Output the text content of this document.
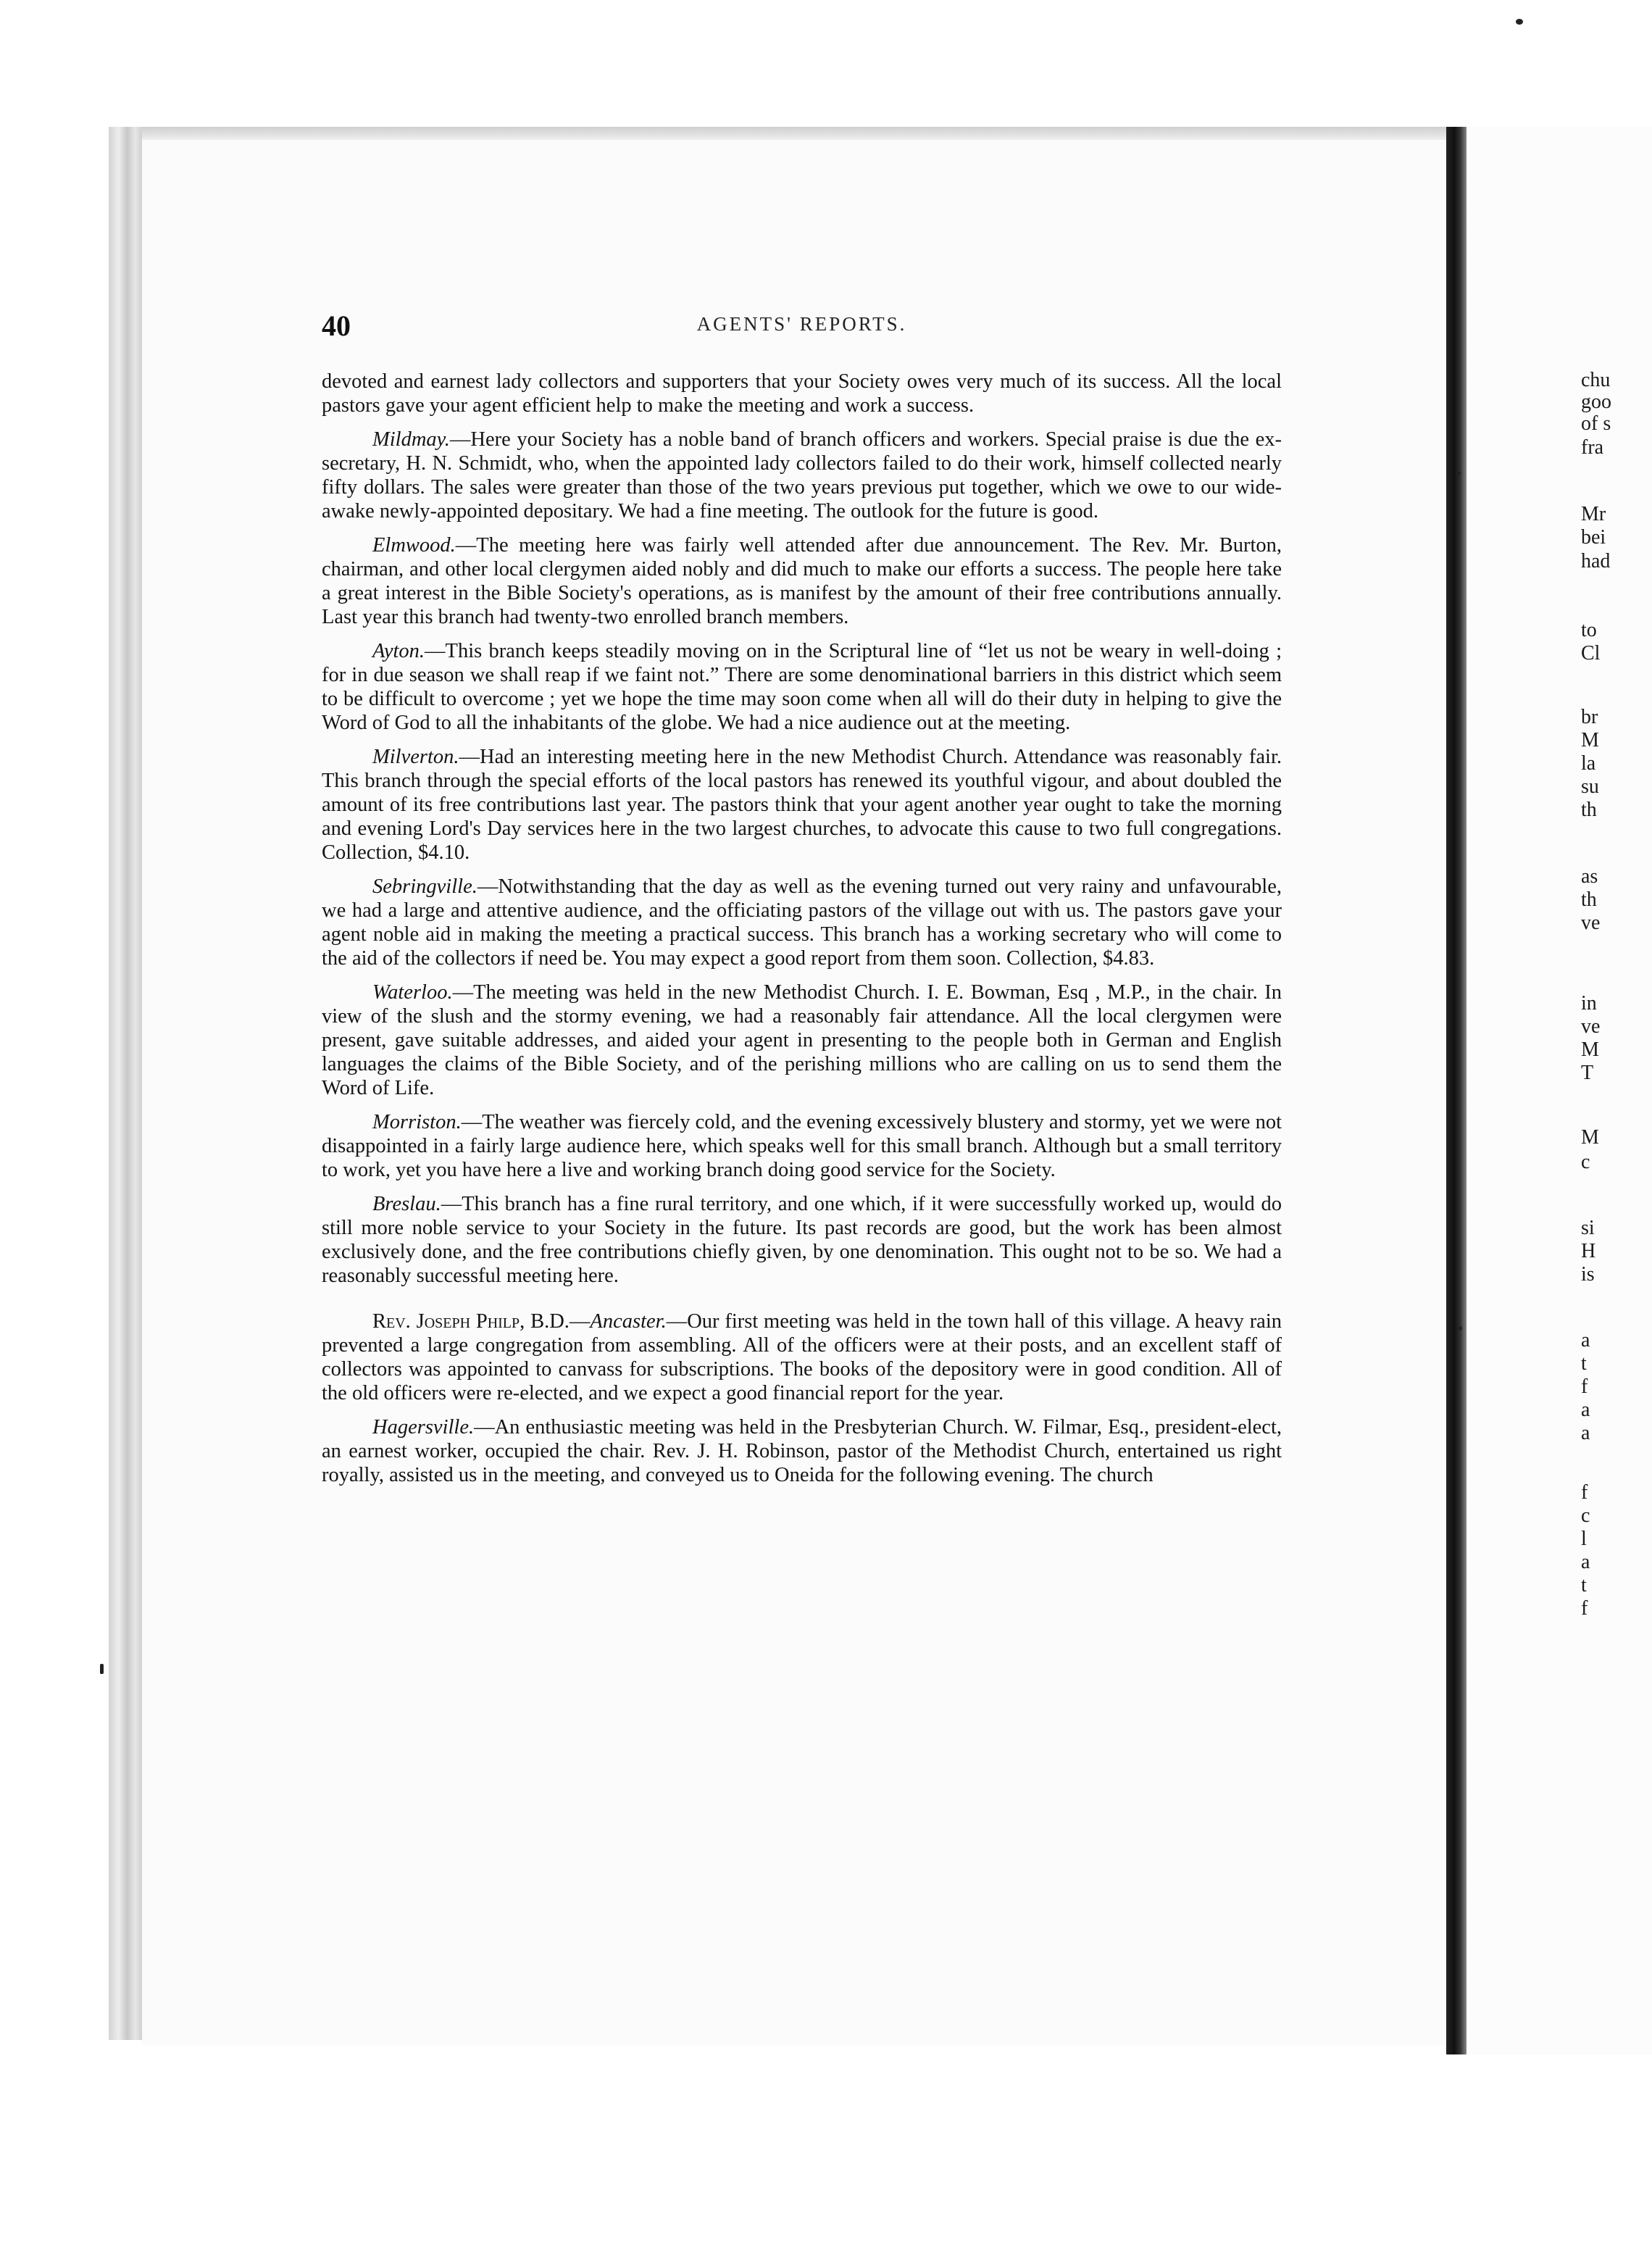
chu
goo
of s
fra
Mr
bei
had
to
Cl
br
M
la
su
th
as
th
ve
in
ve
M
T
M
c
si
H
is
a
t
f
a
a
f
c
l
a
t
f
40	AGENTS' REPORTS.

devoted and earnest lady collectors and supporters that your Society owes very much of its success. All the local pastors gave your agent efficient help to make the meeting and work a success.

Mildmay.—Here your Society has a noble band of branch officers and workers. Special praise is due the ex-secretary, H. N. Schmidt, who, when the appointed lady collectors failed to do their work, himself collected nearly fifty dollars. The sales were greater than those of the two years previous put together, which we owe to our wide-awake newly-appointed depositary. We had a fine meeting. The outlook for the future is good.

Elmwood.—The meeting here was fairly well attended after due announcement. The Rev. Mr. Burton, chairman, and other local clergymen aided nobly and did much to make our efforts a success. The people here take a great interest in the Bible Society's operations, as is manifest by the amount of their free contributions annually. Last year this branch had twenty-two enrolled branch members.

Ayton.—This branch keeps steadily moving on in the Scriptural line of “let us not be weary in well-doing ; for in due season we shall reap if we faint not.” There are some denominational barriers in this district which seem to be difficult to overcome ; yet we hope the time may soon come when all will do their duty in helping to give the Word of God to all the inhabitants of the globe. We had a nice audience out at the meeting.

Milverton.—Had an interesting meeting here in the new Methodist Church. Attendance was reasonably fair. This branch through the special efforts of the local pastors has renewed its youthful vigour, and about doubled the amount of its free contributions last year. The pastors think that your agent another year ought to take the morning and evening Lord's Day services here in the two largest churches, to advocate this cause to two full congregations. Collection, $4.10.

Sebringville.—Notwithstanding that the day as well as the evening turned out very rainy and unfavourable, we had a large and attentive audience, and the officiating pastors of the village out with us. The pastors gave your agent noble aid in making the meeting a practical success. This branch has a working secretary who will come to the aid of the collectors if need be. You may expect a good report from them soon. Collection, $4.83.

Waterloo.—The meeting was held in the new Methodist Church. I. E. Bowman, Esq , M.P., in the chair. In view of the slush and the stormy evening, we had a reasonably fair attendance. All the local clergymen were present, gave suitable addresses, and aided your agent in presenting to the people both in German and English languages the claims of the Bible Society, and of the perishing millions who are calling on us to send them the Word of Life.

Morriston.—The weather was fiercely cold, and the evening excessively blustery and stormy, yet we were not disappointed in a fairly large audience here, which speaks well for this small branch. Although but a small territory to work, yet you have here a live and working branch doing good service for the Society.

Breslau.—This branch has a fine rural territory, and one which, if it were successfully worked up, would do still more noble service to your Society in the future. Its past records are good, but the work has been almost exclusively done, and the free contributions chiefly given, by one denomination. This ought not to be so. We had a reasonably successful meeting here.

Rev. Joseph Philp, B.D.—Ancaster.—Our first meeting was held in the town hall of this village. A heavy rain prevented a large congregation from assembling. All of the officers were at their posts, and an excellent staff of collectors was appointed to canvass for subscriptions. The books of the depository were in good condition. All of the old officers were re-elected, and we expect a good financial report for the year.

Hagersville.—An enthusiastic meeting was held in the Presbyterian Church. W. Filmar, Esq., president-elect, an earnest worker, occupied the chair. Rev. J. H. Robinson, pastor of the Methodist Church, entertained us right royally, assisted us in the meeting, and conveyed us to Oneida for the following evening. The church
